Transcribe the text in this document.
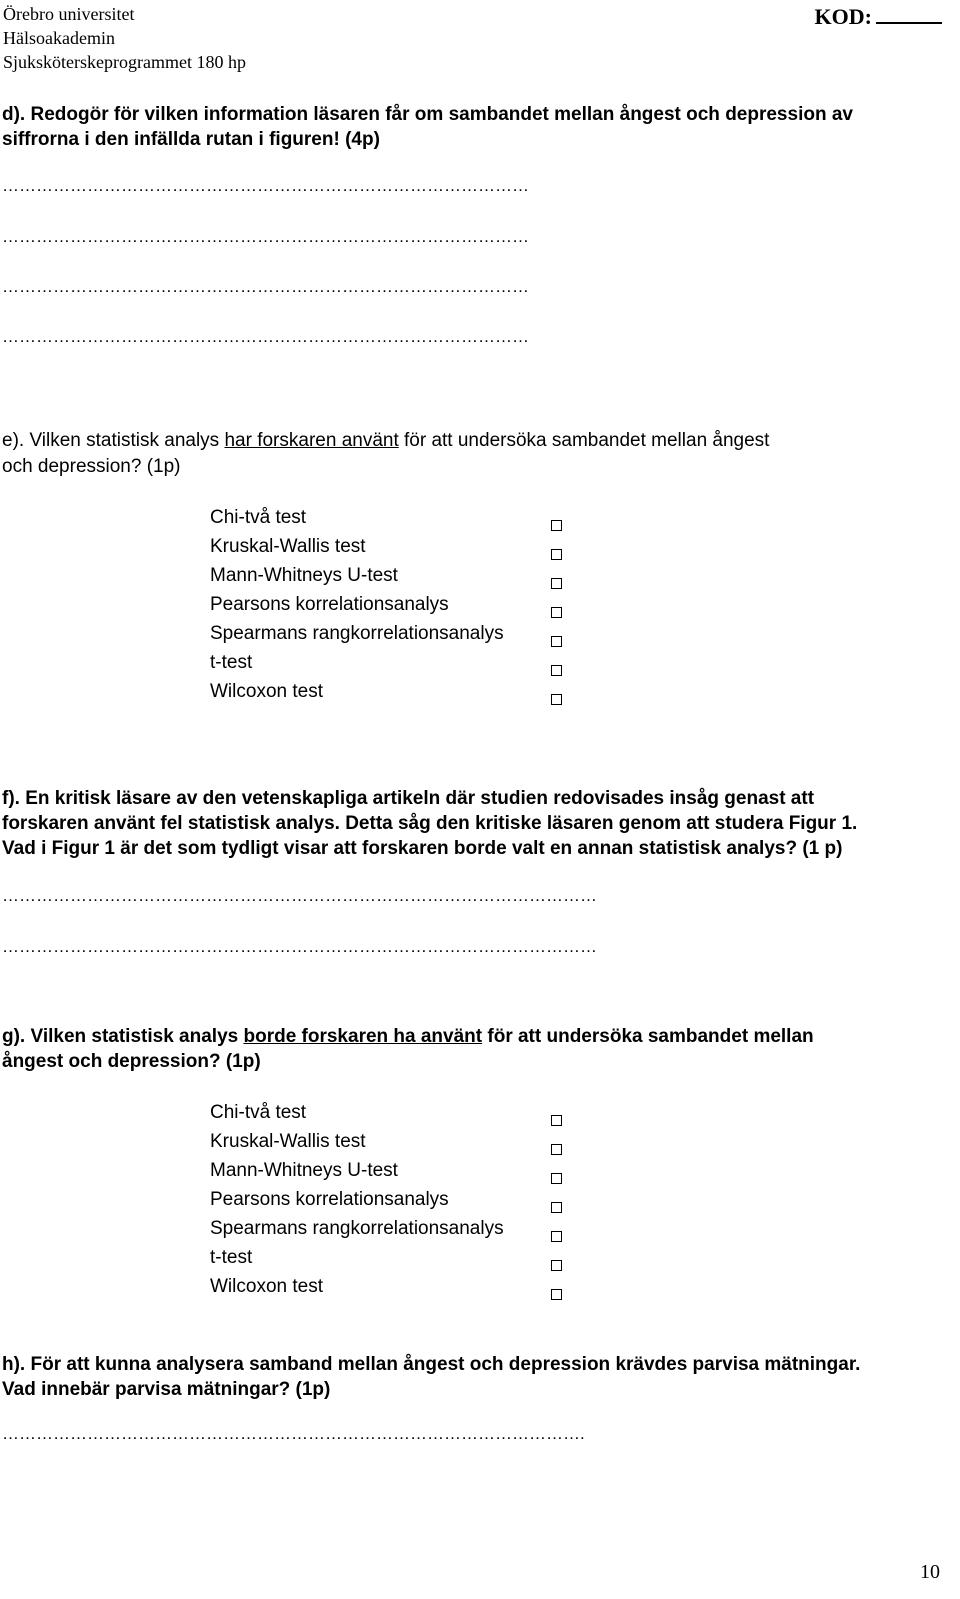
Örebro universitet
Hälsoakademin
Sjuksköterskeprogrammet 180 hp
KOD:
d). Redogör för vilken information läsaren får om sambandet mellan ångest och depression av
siffrorna i den infällda rutan i figuren! (4p)
…………………………………………………………………………………
…………………………………………………………………………………
…………………………………………………………………………………
…………………………………………………………………………………
e). Vilken statistisk analys har forskaren använt för att undersöka sambandet mellan ångest
och depression? (1p)
Chi-två test
Kruskal-Wallis test
Mann-Whitneys U-test
Pearsons korrelationsanalys
Spearmans rangkorrelationsanalys
t-test
Wilcoxon test
f). En kritisk läsare av den vetenskapliga artikeln där studien redovisades insåg genast att
forskaren använt fel statistisk analys. Detta såg den kritiske läsaren genom att studera Figur 1.
Vad i Figur 1 är det som tydligt visar att forskaren borde valt en annan statistisk analys? (1 p)
……………………………………………………………………………………………
……………………………………………………………………………………………
g). Vilken statistisk analys borde forskaren ha använt för att undersöka sambandet mellan
ångest och depression? (1p)
Chi-två test
Kruskal-Wallis test
Mann-Whitneys U-test
Pearsons korrelationsanalys
Spearmans rangkorrelationsanalys
t-test
Wilcoxon test
h). För att kunna analysera samband mellan ångest och depression krävdes parvisa mätningar.
Vad innebär parvisa mätningar? (1p)
………………………………………………………………………………………….
10
